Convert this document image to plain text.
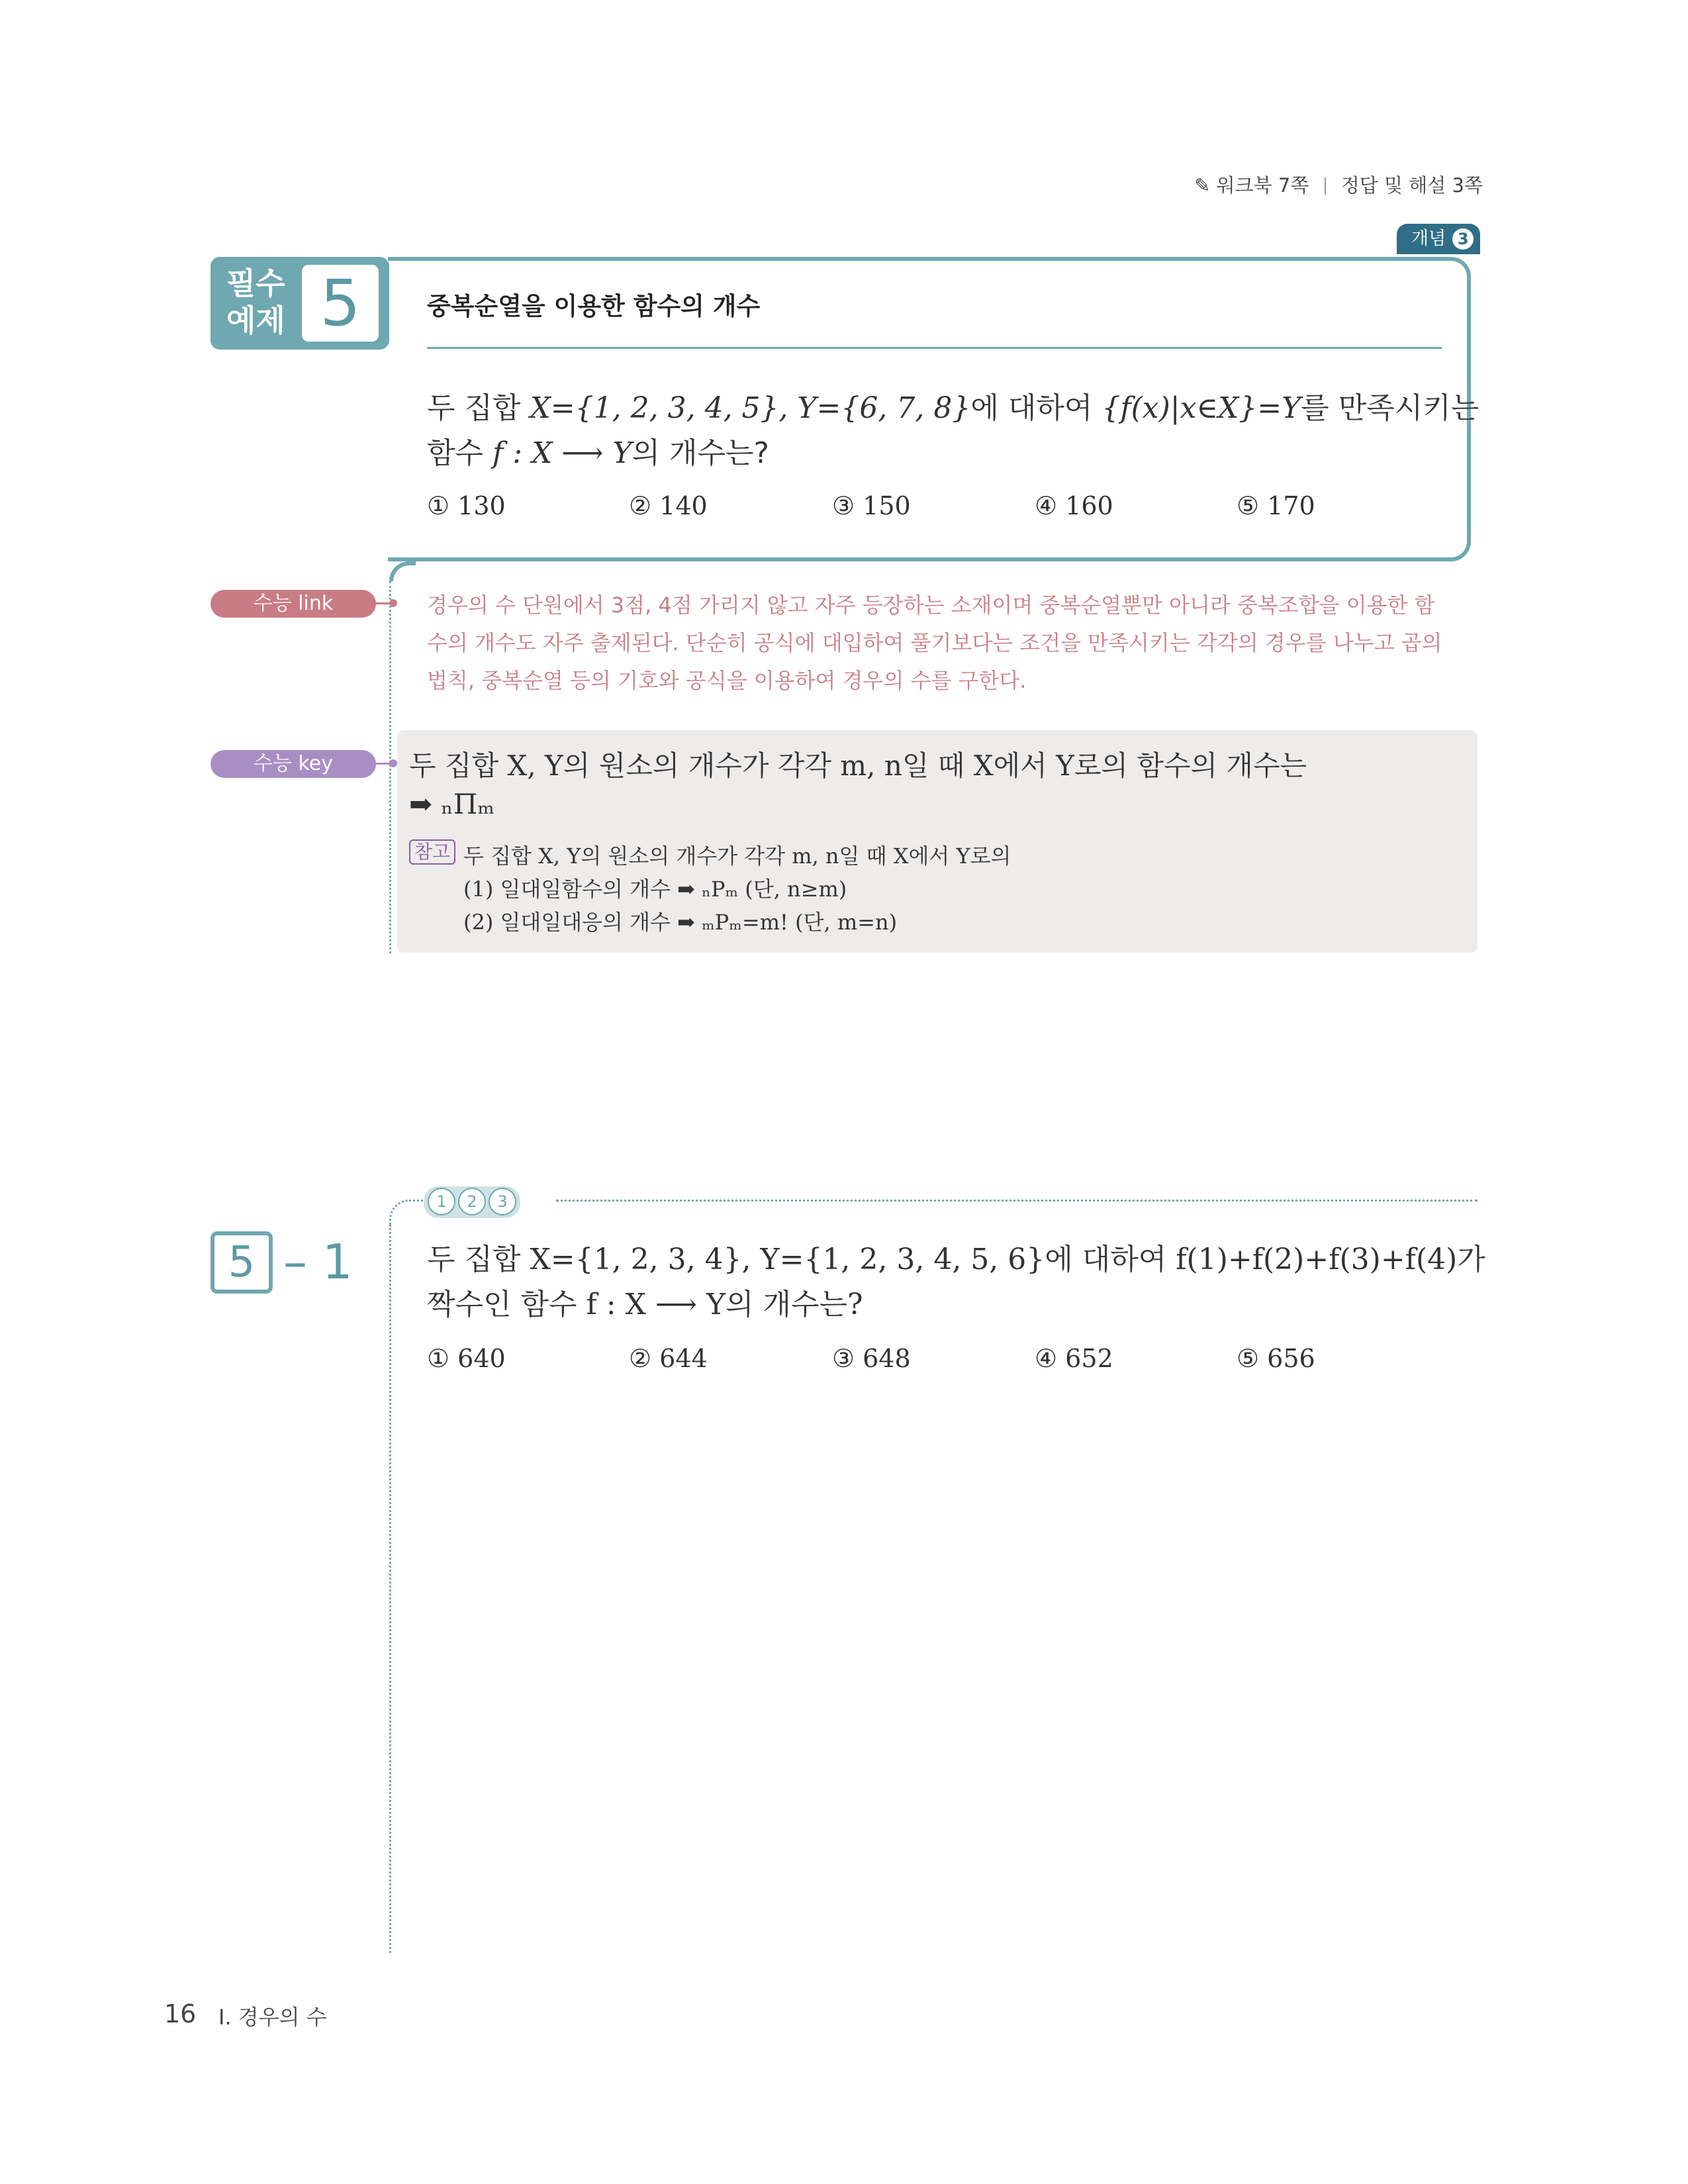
✎ 워크북 7쪽 정답 및 해설 3쪽
개념 3
필수
예제 5	중복순열을 이용한 함수의 개수
두 집합 X={1, 2, 3, 4, 5}, Y={6, 7, 8}에 대하여 {f(x)|x∈X}=Y를 만족시키는
함수 f : X ⟶ Y의 개수는?
① 130	② 140	③ 150	④ 160	⑤ 170
수능 link	경우의 수 단원에서 3점, 4점 가리지 않고 자주 등장하는 소재이며 중복순열뿐만 아니라 중복조합을 이용한 함수의 개수도 자주 출제된다. 단순히 공식에 대입하여 풀기보다는 조건을 만족시키는 각각의 경우를 나누고 곱의 법칙, 중복순열 등의 기호와 공식을 이용하여 경우의 수를 구한다.
수능 key	두 집합 X, Y의 원소의 개수가 각각 m, n일 때 X에서 Y로의 함수의 개수는
➡ ₙΠₘ
참고 두 집합 X, Y의 원소의 개수가 각각 m, n일 때 X에서 Y로의
(1) 일대일함수의 개수 ➡ ₙPₘ (단, n≥m)
(2) 일대일대응의 개수 ➡ ₘPₘ=m! (단, m=n)
5 – 1
1	2	3
두 집합 X={1, 2, 3, 4}, Y={1, 2, 3, 4, 5, 6}에 대하여 f(1)+f(2)+f(3)+f(4)가
짝수인 함수 f : X ⟶ Y의 개수는?
① 640	② 644	③ 648	④ 652	⑤ 656
16 I. 경우의 수
